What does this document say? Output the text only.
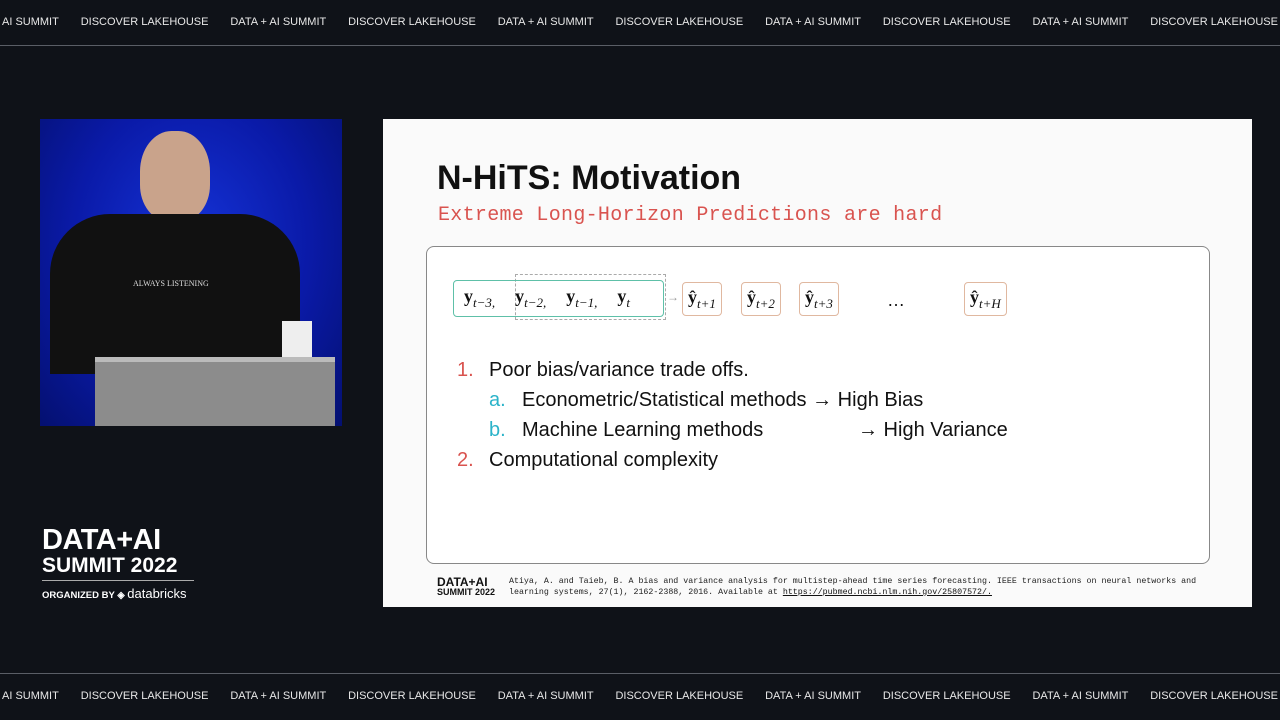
AI SUMMIT DISCOVER LAKEHOUSE DATA + AI SUMMIT DISCOVER LAKEHOUSE DATA + AI SUMMIT DISCOVER LAKEHOUSE DATA + AI SUMMIT DISCOVER LAKEHOUSE DATA + AI SUMMIT DISCOVER LAKEHOUSE
AI SUMMIT DISCOVER LAKEHOUSE DATA + AI SUMMIT DISCOVER LAKEHOUSE DATA + AI SUMMIT DISCOVER LAKEHOUSE DATA + AI SUMMIT DISCOVER LAKEHOUSE DATA + AI SUMMIT DISCOVER LAKEHOUSE
ALWAYS LISTENING
DATA+AI
SUMMIT 2022
ORGANIZED BY ◈ databricks
N-HiTS: Motivation
Extreme Long-Horizon Predictions are hard
$y_{t-3,}$ $y_{t-2,}$ $y_{t-1,}$ $y_t$	→ $ŷ_{t+1}$	$ŷ_{t+2}$	$ŷ_{t+3}$	…	$ŷ_{t+H}$
1. Poor bias/variance trade offs.
a. Econometric/Statistical methods → High Bias
b. Machine Learning methods	→ High Variance
2. Computational complexity
DATA+AI
SUMMIT 2022
Atiya, A. and Taieb, B. A bias and variance analysis for multistep-ahead time series forecasting. IEEE transactions on neural networks and learning systems, 27(1), 2162-2388, 2016. Available at https://pubmed.ncbi.nlm.nih.gov/25807572/.
